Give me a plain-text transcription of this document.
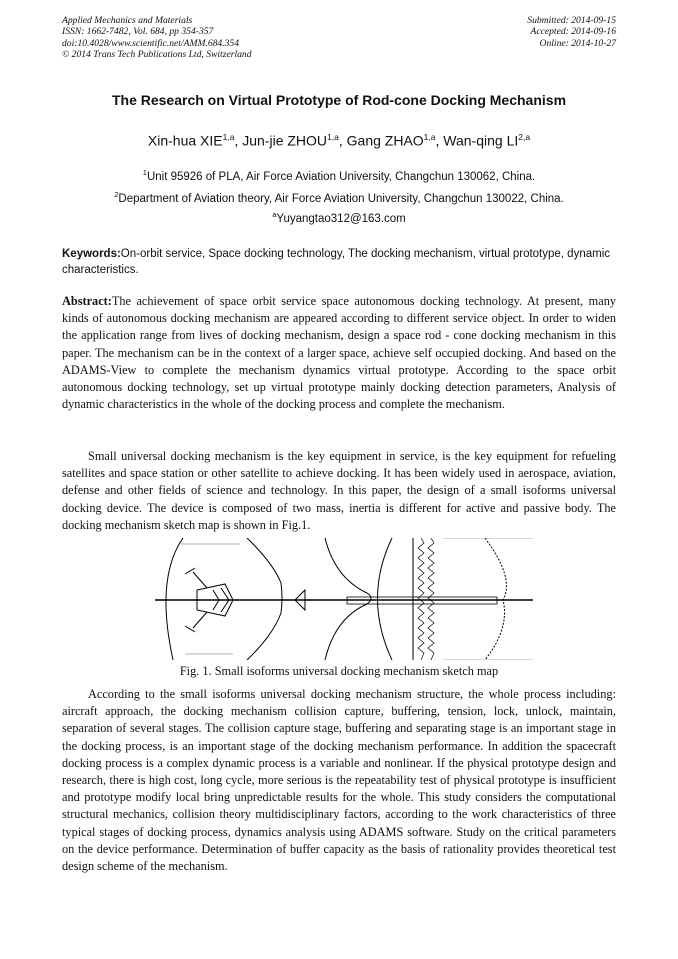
Applied Mechanics and Materials
ISSN: 1662-7482, Vol. 684, pp 354-357
doi:10.4028/www.scientific.net/AMM.684.354
© 2014 Trans Tech Publications Ltd, Switzerland
Submitted: 2014-09-15
Accepted: 2014-09-16
Online: 2014-10-27
The Research on Virtual Prototype of Rod-cone Docking Mechanism
Xin-hua XIE$^{1,a}$, Jun-jie ZHOU$^{1,a}$, Gang ZHAO$^{1,a}$, Wan-qing LI$^{2,a}$
$^1$Unit 95926 of PLA, Air Force Aviation University, Changchun 130062, China.
$^2$Department of Aviation theory, Air Force Aviation University, Changchun 130022, China.
$^a$Yuyangtao312@163.com
Keywords:On-orbit service, Space docking technology, The docking mechanism, virtual prototype, dynamic characteristics.
Abstract:The achievement of space orbit service space autonomous docking technology. At present, many kinds of autonomous docking mechanism are appeared according to different service object. In order to widen the application range from lives of docking mechanism, design a space rod - cone docking mechanism in this paper. The mechanism can be in the context of a larger space, achieve self occupied docking. And based on the ADAMS-View to complete the mechanism dynamics virtual prototype. According to the space orbit autonomous docking technology, set up virtual prototype mainly docking detection parameters, Analysis of dynamic characteristics in the whole of the docking process and complete the mechanism.
Small universal docking mechanism is the key equipment in service, is the key equipment for refueling satellites and space station or other satellite to achieve docking. It has been widely used in aerospace, aviation, defense and other fields of science and technology. In this paper, the design of a small isoforms universal docking device. The device is composed of two mass, inertia is different for active and passive body. The docking mechanism sketch map is shown in Fig.1.
Fig. 1. Small isoforms universal docking mechanism sketch map
According to the small isoforms universal docking mechanism structure, the whole process including: aircraft approach, the docking mechanism collision capture, buffering, tension, lock, unlock, maintain, separation of several stages. The collision capture stage, buffering and separating stage is an important stage in the docking process, is an important stage of the docking mechanism performance. In addition the spacecraft docking process is a complex dynamic process is a variable and nonlinear. If the physical prototype design and research, there is high cost, long cycle, more serious is the repeatability test of physical prototype is insufficient and prototype modify local bring unpredictable results for the whole. This study considers the computational structural mechanics, collision theory multidisciplinary factors, according to the work characteristics of three typical stages of docking process, dynamics analysis using ADAMS software. Study on the critical parameters on the device performance. Determination of buffer capacity as the basis of rationality provides theoretical test design scheme of the mechanism.
